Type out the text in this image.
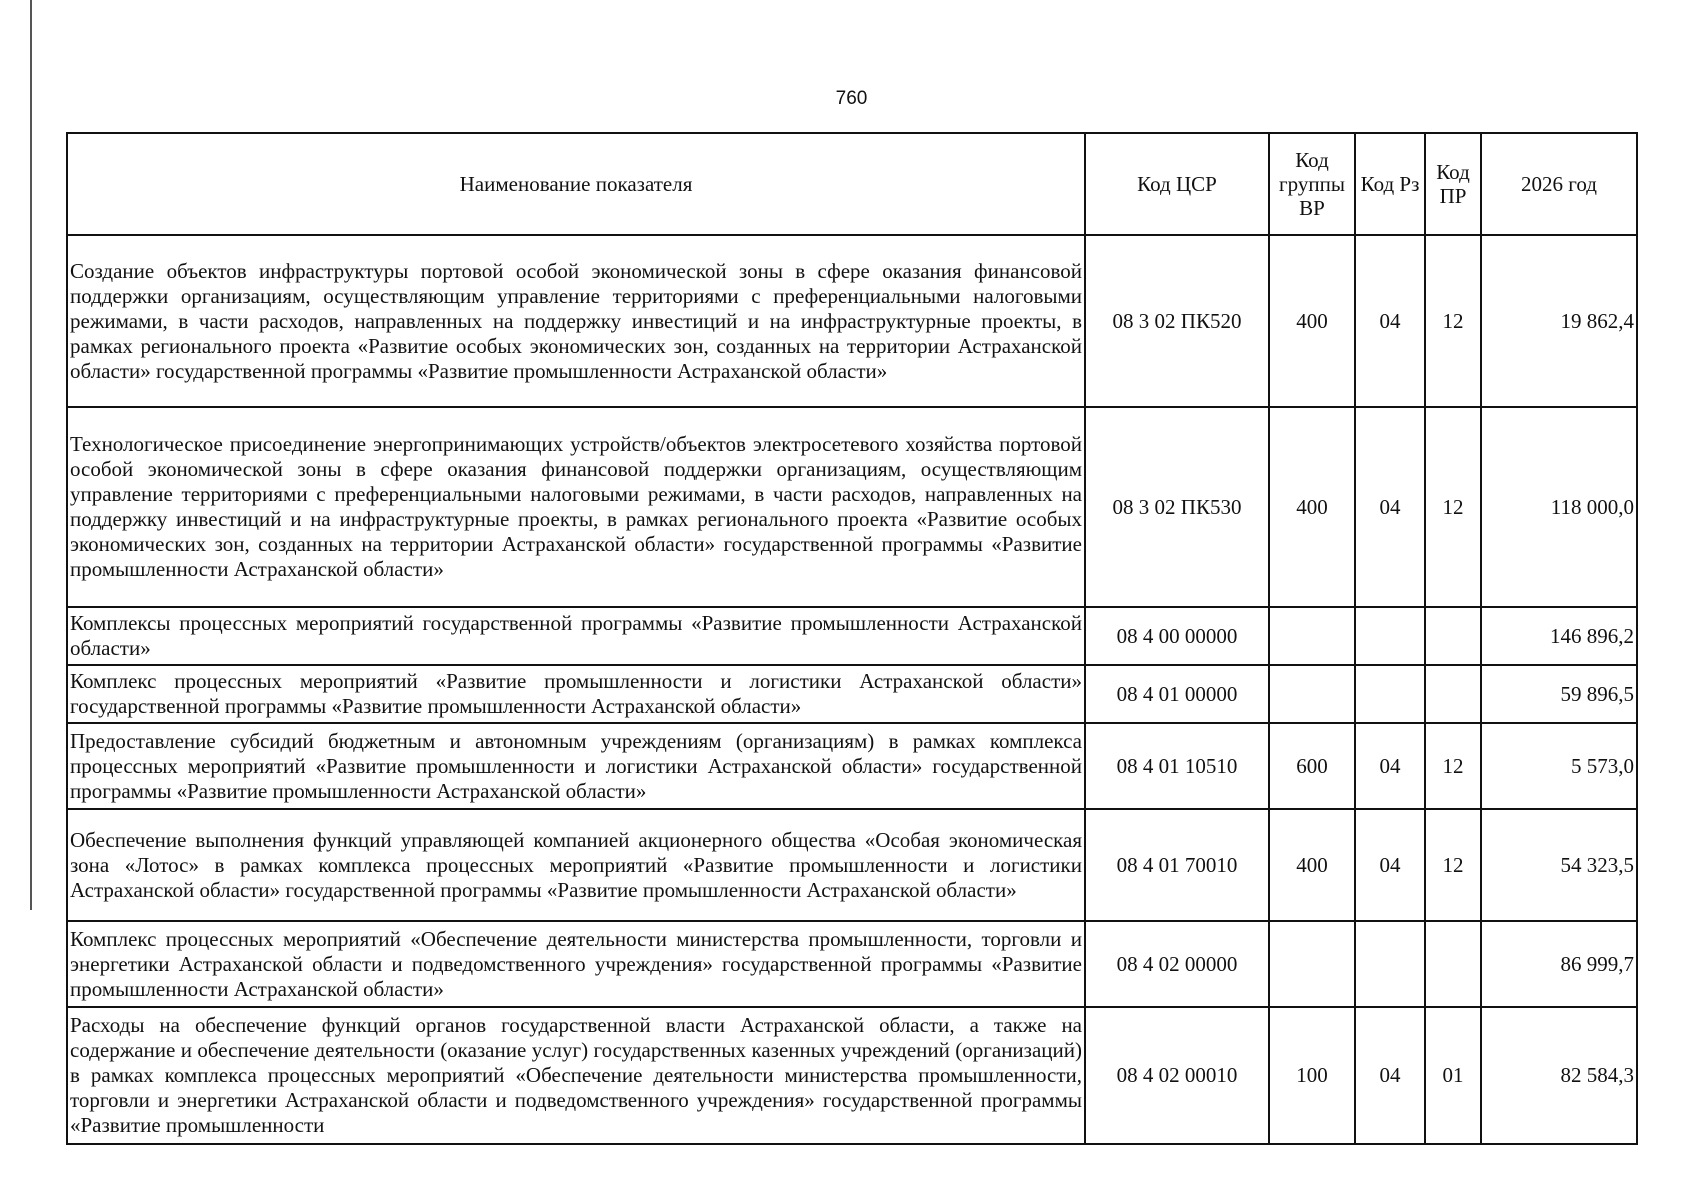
760
Наименование показателя	Код ЦСР	Код группы ВР	Код Рз	Код ПР	2026 год
Создание объектов инфраструктуры портовой особой экономической зоны в сфере оказания финансовой поддержки организациям, осуществляющим управление территориями с преференциальными налоговыми режимами, в части расходов, направленных на поддержку инвестиций и на инфраструктурные проекты, в рамках регионального проекта «Развитие особых экономических зон, созданных на территории Астраханской области» государственной программы «Развитие промышленности Астраханской области»	08 3 02 ПК520	400	04	12	19 862,4
Технологическое присоединение энергопринимающих устройств/объектов электросетевого хозяйства портовой особой экономической зоны в сфере оказания финансовой поддержки организациям, осуществляющим управление территориями с преференциальными налоговыми режимами, в части расходов, направленных на поддержку инвестиций и на инфраструктурные проекты, в рамках регионального проекта «Развитие особых экономических зон, созданных на территории Астраханской области» государственной программы «Развитие промышленности Астраханской области»	08 3 02 ПК530	400	04	12	118 000,0
Комплексы процессных мероприятий государственной программы «Развитие промышленности Астраханской области»	08 4 00 00000				146 896,2
Комплекс процессных мероприятий «Развитие промышленности и логистики Астраханской области» государственной программы «Развитие промышленности Астраханской области»	08 4 01 00000				59 896,5
Предоставление субсидий бюджетным и автономным учреждениям (организациям) в рамках комплекса процессных мероприятий «Развитие промышленности и логистики Астраханской области» государственной программы «Развитие промышленности Астраханской области»	08 4 01 10510	600	04	12	5 573,0
Обеспечение выполнения функций управляющей компанией акционерного общества «Особая экономическая зона «Лотос» в рамках комплекса процессных мероприятий «Развитие промышленности и логистики Астраханской области» государственной программы «Развитие промышленности Астраханской области»	08 4 01 70010	400	04	12	54 323,5
Комплекс процессных мероприятий «Обеспечение деятельности министерства промышленности, торговли и энергетики Астраханской области и подведомственного учреждения» государственной программы «Развитие промышленности Астраханской области»	08 4 02 00000				86 999,7
Расходы на обеспечение функций органов государственной власти Астраханской области, а также на содержание и обеспечение деятельности (оказание услуг) государственных казенных учреждений (организаций) в рамках комплекса процессных мероприятий «Обеспечение деятельности министерства промышленности, торговли и энергетики Астраханской области и подведомственного учреждения» государственной программы «Развитие промышленности	08 4 02 00010	100	04	01	82 584,3
